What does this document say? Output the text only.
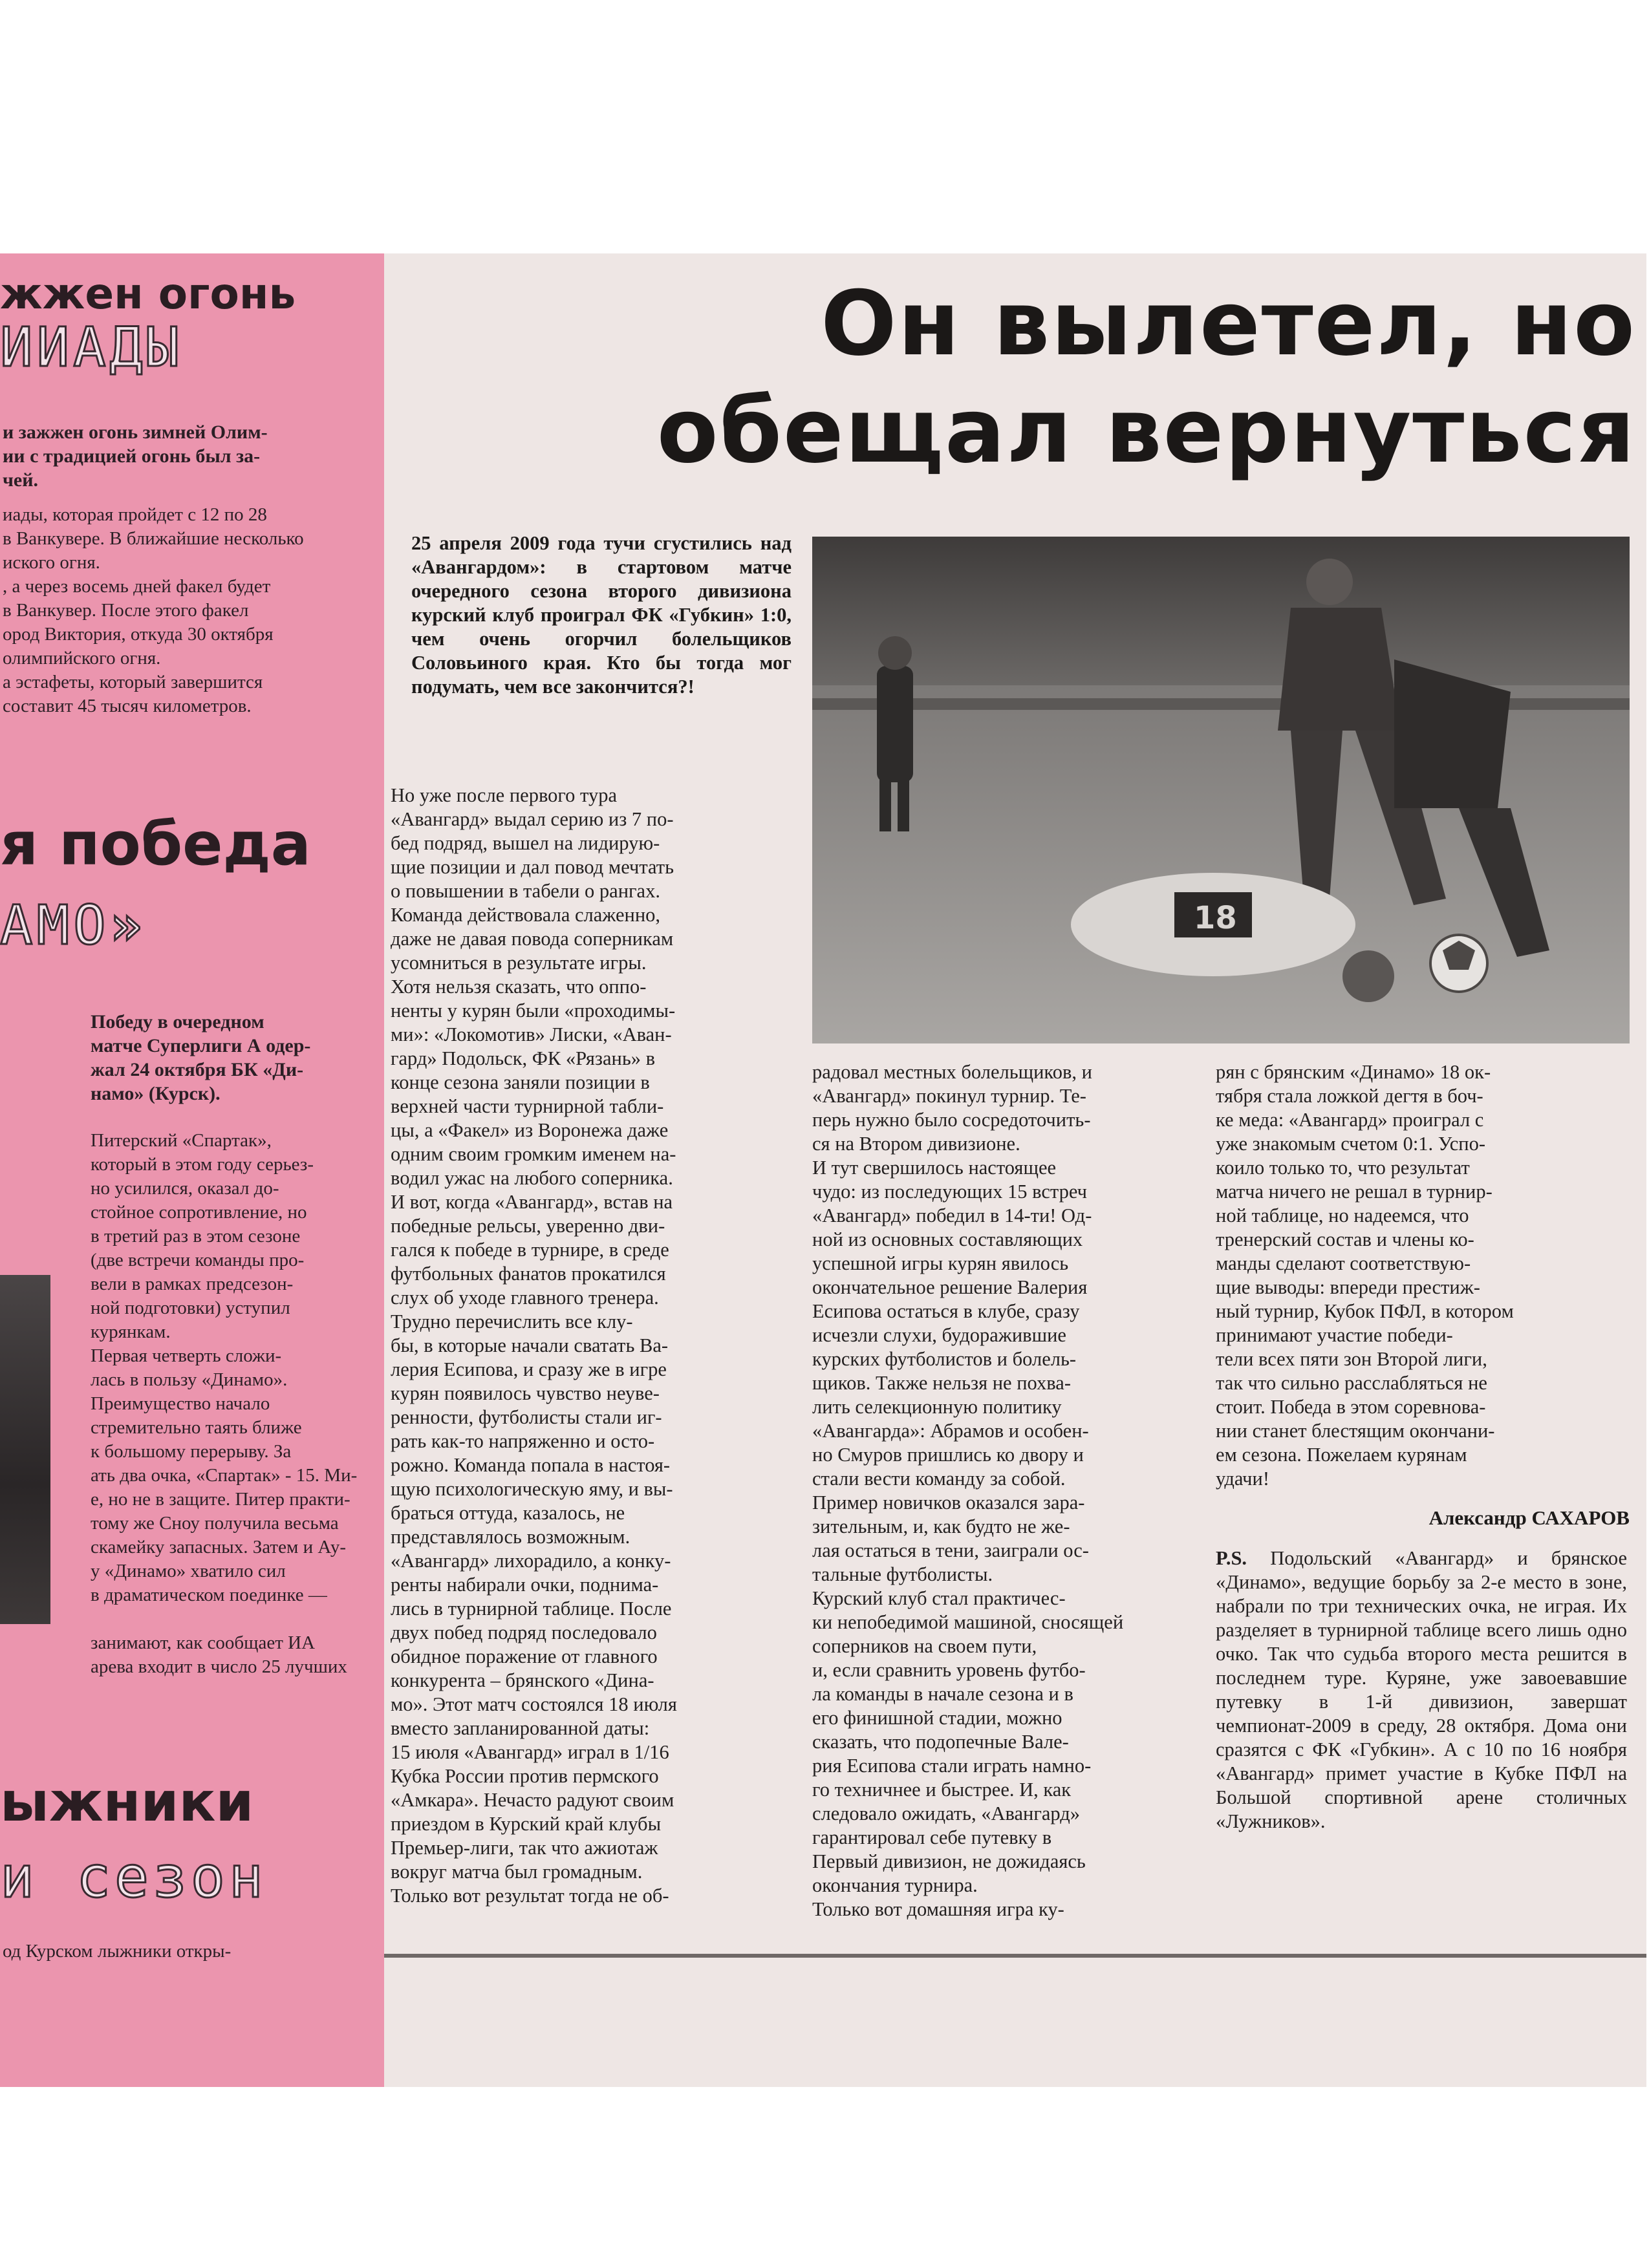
жжен огонь
ИИАДЫ
и зажжен огонь зимней Олим-
ии с традицией огонь был за-
чей.
иады, которая пройдет с 12 по 28
в Ванкувере. В ближайшие несколько
иского огня.
, а через восемь дней факел будет
в Ванкувер. После этого факел
ород Виктория, откуда 30 октября
олимпийского огня.
а эстафеты, который завершится
составит 45 тысяч километров.
я победа
АМО»
Победу в очередном
матче Суперлиги А одер-
жал 24 октября БК «Ди-
намо» (Курск).
Питерский «Спартак»,
который в этом году серьез-
но усилился, оказал до-
стойное сопротивление, но
в третий раз в этом сезоне
(две встречи команды про-
вели в рамках предсезон-
ной подготовки) уступил
курянкам.
Первая четверть сложи-
лась в пользу «Динамо».
Преимущество начало
стремительно таять ближе
к большому перерыву. За
ать два очка, «Спартак» - 15. Ми-
е, но не в защите. Питер практи-
тому же Сноу получила весьма
скамейку запасных. Затем и Ау-
у «Динамо» хватило сил
в драматическом поединке —

занимают, как сообщает ИА
арева входит в число 25 лучших
ыжники
и сезон
од Курском лыжники откры-
Он вылетел, но
обещал вернуться
25 апреля 2009 года тучи сгустились над «Авангардом»: в стартовом матче очередного сезона второго дивизиона курский клуб проиграл ФК «Губкин» 1:0, чем очень огорчил болельщиков Соловьиного края. Кто бы тогда мог подумать, чем все закончится?!
18
Но уже после первого тура
«Авангард» выдал серию из 7 по-
бед подряд, вышел на лидирую-
щие позиции и дал повод мечтать
о повышении в табели о рангах.
Команда действовала слаженно,
даже не давая повода соперникам
усомниться в результате игры.
Хотя нельзя сказать, что оппо-
ненты у курян были «проходимы-
ми»: «Локомотив» Лиски, «Аван-
гард» Подольск, ФК «Рязань» в
конце сезона заняли позиции в
верхней части турнирной табли-
цы, а «Факел» из Воронежа даже
одним своим громким именем на-
водил ужас на любого соперника.
И вот, когда «Авангард», встав на
победные рельсы, уверенно дви-
гался к победе в турнире, в среде
футбольных фанатов прокатился
слух об уходе главного тренера.
Трудно перечислить все клу-
бы, в которые начали сватать Ва-
лерия Есипова, и сразу же в игре
курян появилось чувство неуве-
ренности, футболисты стали иг-
рать как-то напряженно и осто-
рожно. Команда попала в настоя-
щую психологическую яму, и вы-
браться оттуда, казалось, не
представлялось возможным.
«Авангард» лихорадило, а конку-
ренты набирали очки, поднима-
лись в турнирной таблице. После
двух побед подряд последовало
обидное поражение от главного
конкурента – брянского «Дина-
мо». Этот матч состоялся 18 июля
вместо запланированной даты:
15 июля «Авангард» играл в 1/16
Кубка России против пермского
«Амкара». Нечасто радуют своим
приездом в Курский край клубы
Премьер-лиги, так что ажиотаж
вокруг матча был громадным.
Только вот результат тогда не об-
радовал местных болельщиков, и
«Авангард» покинул турнир. Те-
перь нужно было сосредоточить-
ся на Втором дивизионе.
И тут свершилось настоящее
чудо: из последующих 15 встреч
«Авангард» победил в 14-ти! Од-
ной из основных составляющих
успешной игры курян явилось
окончательное решение Валерия
Есипова остаться в клубе, сразу
исчезли слухи, будоражившие
курских футболистов и болель-
щиков. Также нельзя не похва-
лить селекционную политику
«Авангарда»: Абрамов и особен-
но Смуров пришлись ко двору и
стали вести команду за собой.
Пример новичков оказался зара-
зительным, и, как будто не же-
лая остаться в тени, заиграли ос-
тальные футболисты.
Курский клуб стал практичес-
ки непобедимой машиной, сносящей
соперников на своем пути,
и, если сравнить уровень футбо-
ла команды в начале сезона и в
его финишной стадии, можно
сказать, что подопечные Вале-
рия Есипова стали играть намно-
го техничнее и быстрее. И, как
следовало ожидать, «Авангард»
гарантировал себе путевку в
Первый дивизион, не дожидаясь
окончания турнира.
Только вот домашняя игра ку-
рян с брянским «Динамо» 18 ок-
тября стала ложкой дегтя в боч-
ке меда: «Авангард» проиграл с
уже знакомым счетом 0:1. Успо-
коило только то, что результат
матча ничего не решал в турнир-
ной таблице, но надеемся, что
тренерский состав и члены ко-
манды сделают соответствую-
щие выводы: впереди престиж-
ный турнир, Кубок ПФЛ, в котором
принимают участие победи-
тели всех пяти зон Второй лиги,
так что сильно расслабляться не
стоит. Победа в этом соревнова-
нии станет блестящим окончани-
ем сезона. Пожелаем курянам
удачи!
Александр САХАРОВ
P.S. Подольский «Авангард» и брянское «Динамо», ведущие борьбу за 2-е место в зоне, набрали по три технических очка, не играя. Их разделяет в турнирной таблице всего лишь одно очко. Так что судьба второго места решится в последнем туре. Куряне, уже завоевавшие путевку в 1-й дивизион, завершат чемпионат-2009 в среду, 28 октября. Дома они сразятся с ФК «Губкин». А с 10 по 16 ноября «Авангард» примет участие в Кубке ПФЛ на Большой спортивной арене столичных «Лужников».
